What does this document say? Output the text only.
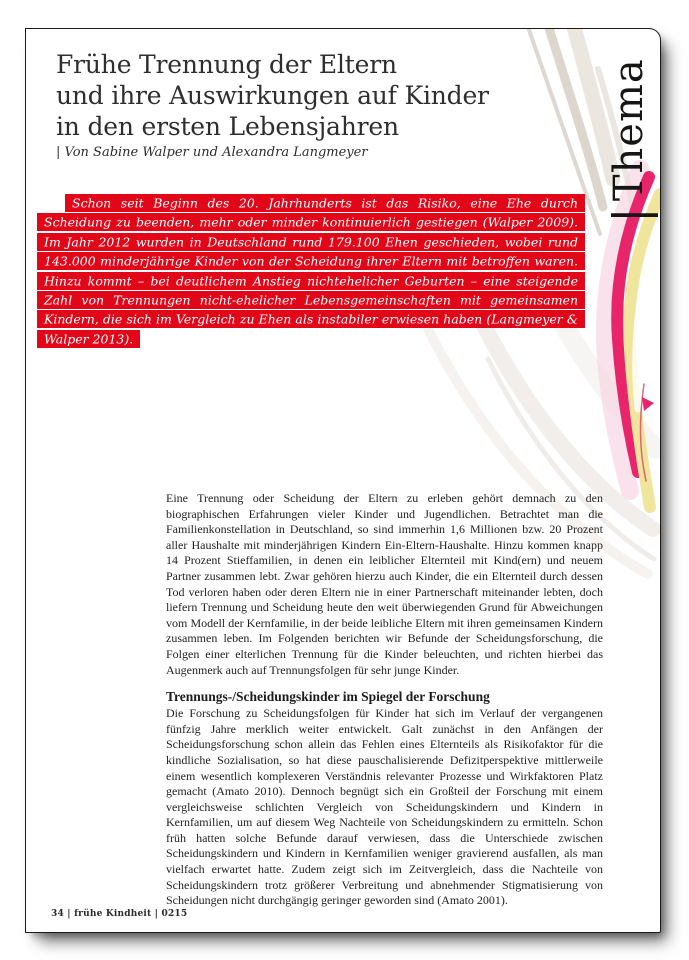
Frühe Trennung der Eltern
und ihre Auswirkungen auf Kinder
in den ersten Lebensjahren
| Von Sabine Walper und Alexandra Langmeyer

Schon seit Beginn des 20. Jahrhunderts ist das Risiko, eine Ehe durch Scheidung zu beenden, mehr oder minder kontinuierlich gestiegen (Walper 2009). Im Jahr 2012 wurden in Deutschland rund 179.100 Ehen geschieden, wobei rund 143.000 minderjährige Kinder von der Scheidung ihrer Eltern mit betroffen waren. Hinzu kommt – bei deutlichem Anstieg nichtehelicher Geburten – eine steigende Zahl von Trennungen nicht-ehelicher Lebensgemeinschaften mit gemeinsamen Kindern, die sich im Vergleich zu Ehen als instabiler erwiesen haben (Langmeyer & Walper 2013).

Eine Trennung oder Scheidung der Eltern zu erleben gehört demnach zu den biographischen Erfahrungen vieler Kinder und Jugendlichen. Betrachtet man die Familienkonstellation in Deutschland, so sind immerhin 1,6 Millionen bzw. 20 Prozent aller Haushalte mit minderjährigen Kindern Ein-Eltern-Haushalte. Hinzu kommen knapp 14 Prozent Stieffamilien, in denen ein leiblicher Elternteil mit Kind(ern) und neuem Partner zusammen lebt. Zwar gehören hierzu auch Kinder, die ein Elternteil durch dessen Tod verloren haben oder deren Eltern nie in einer Partnerschaft miteinander lebten, doch liefern Trennung und Scheidung heute den weit überwiegenden Grund für Abweichungen vom Modell der Kernfamilie, in der beide leibliche Eltern mit ihren gemeinsamen Kindern zusammen leben. Im Folgenden berichten wir Befunde der Scheidungsforschung, die Folgen einer elterlichen Trennung für die Kinder beleuchten, und richten hierbei das Augenmerk auch auf Trennungsfolgen für sehr junge Kinder.

Trennungs-/Scheidungskinder im Spiegel der Forschung

Die Forschung zu Scheidungsfolgen für Kinder hat sich im Verlauf der vergangenen fünfzig Jahre merklich weiter entwickelt. Galt zunächst in den Anfängen der Scheidungsforschung schon allein das Fehlen eines Elternteils als Risikofaktor für die kindliche Sozialisation, so hat diese pauschalisierende Defizitperspektive mittlerweile einem wesentlich komplexeren Verständnis relevanter Prozesse und Wirkfaktoren Platz gemacht (Amato 2010). Dennoch begnügt sich ein Großteil der Forschung mit einem vergleichsweise schlichten Vergleich von Scheidungskindern und Kindern in Kernfamilien, um auf diesem Weg Nachteile von Scheidungskindern zu ermitteln. Schon früh hatten solche Befunde darauf verwiesen, dass die Unterschiede zwischen Scheidungskindern und Kindern in Kernfamilien weniger gravierend ausfallen, als man vielfach erwartet hatte. Zudem zeigt sich im Zeitvergleich, dass die Nachteile von Scheidungskindern trotz größerer Verbreitung und abnehmender Stigmatisierung von Scheidungen nicht durchgängig geringer geworden sind (Amato 2001).

34 | frühe Kindheit | 0215
|Thema
